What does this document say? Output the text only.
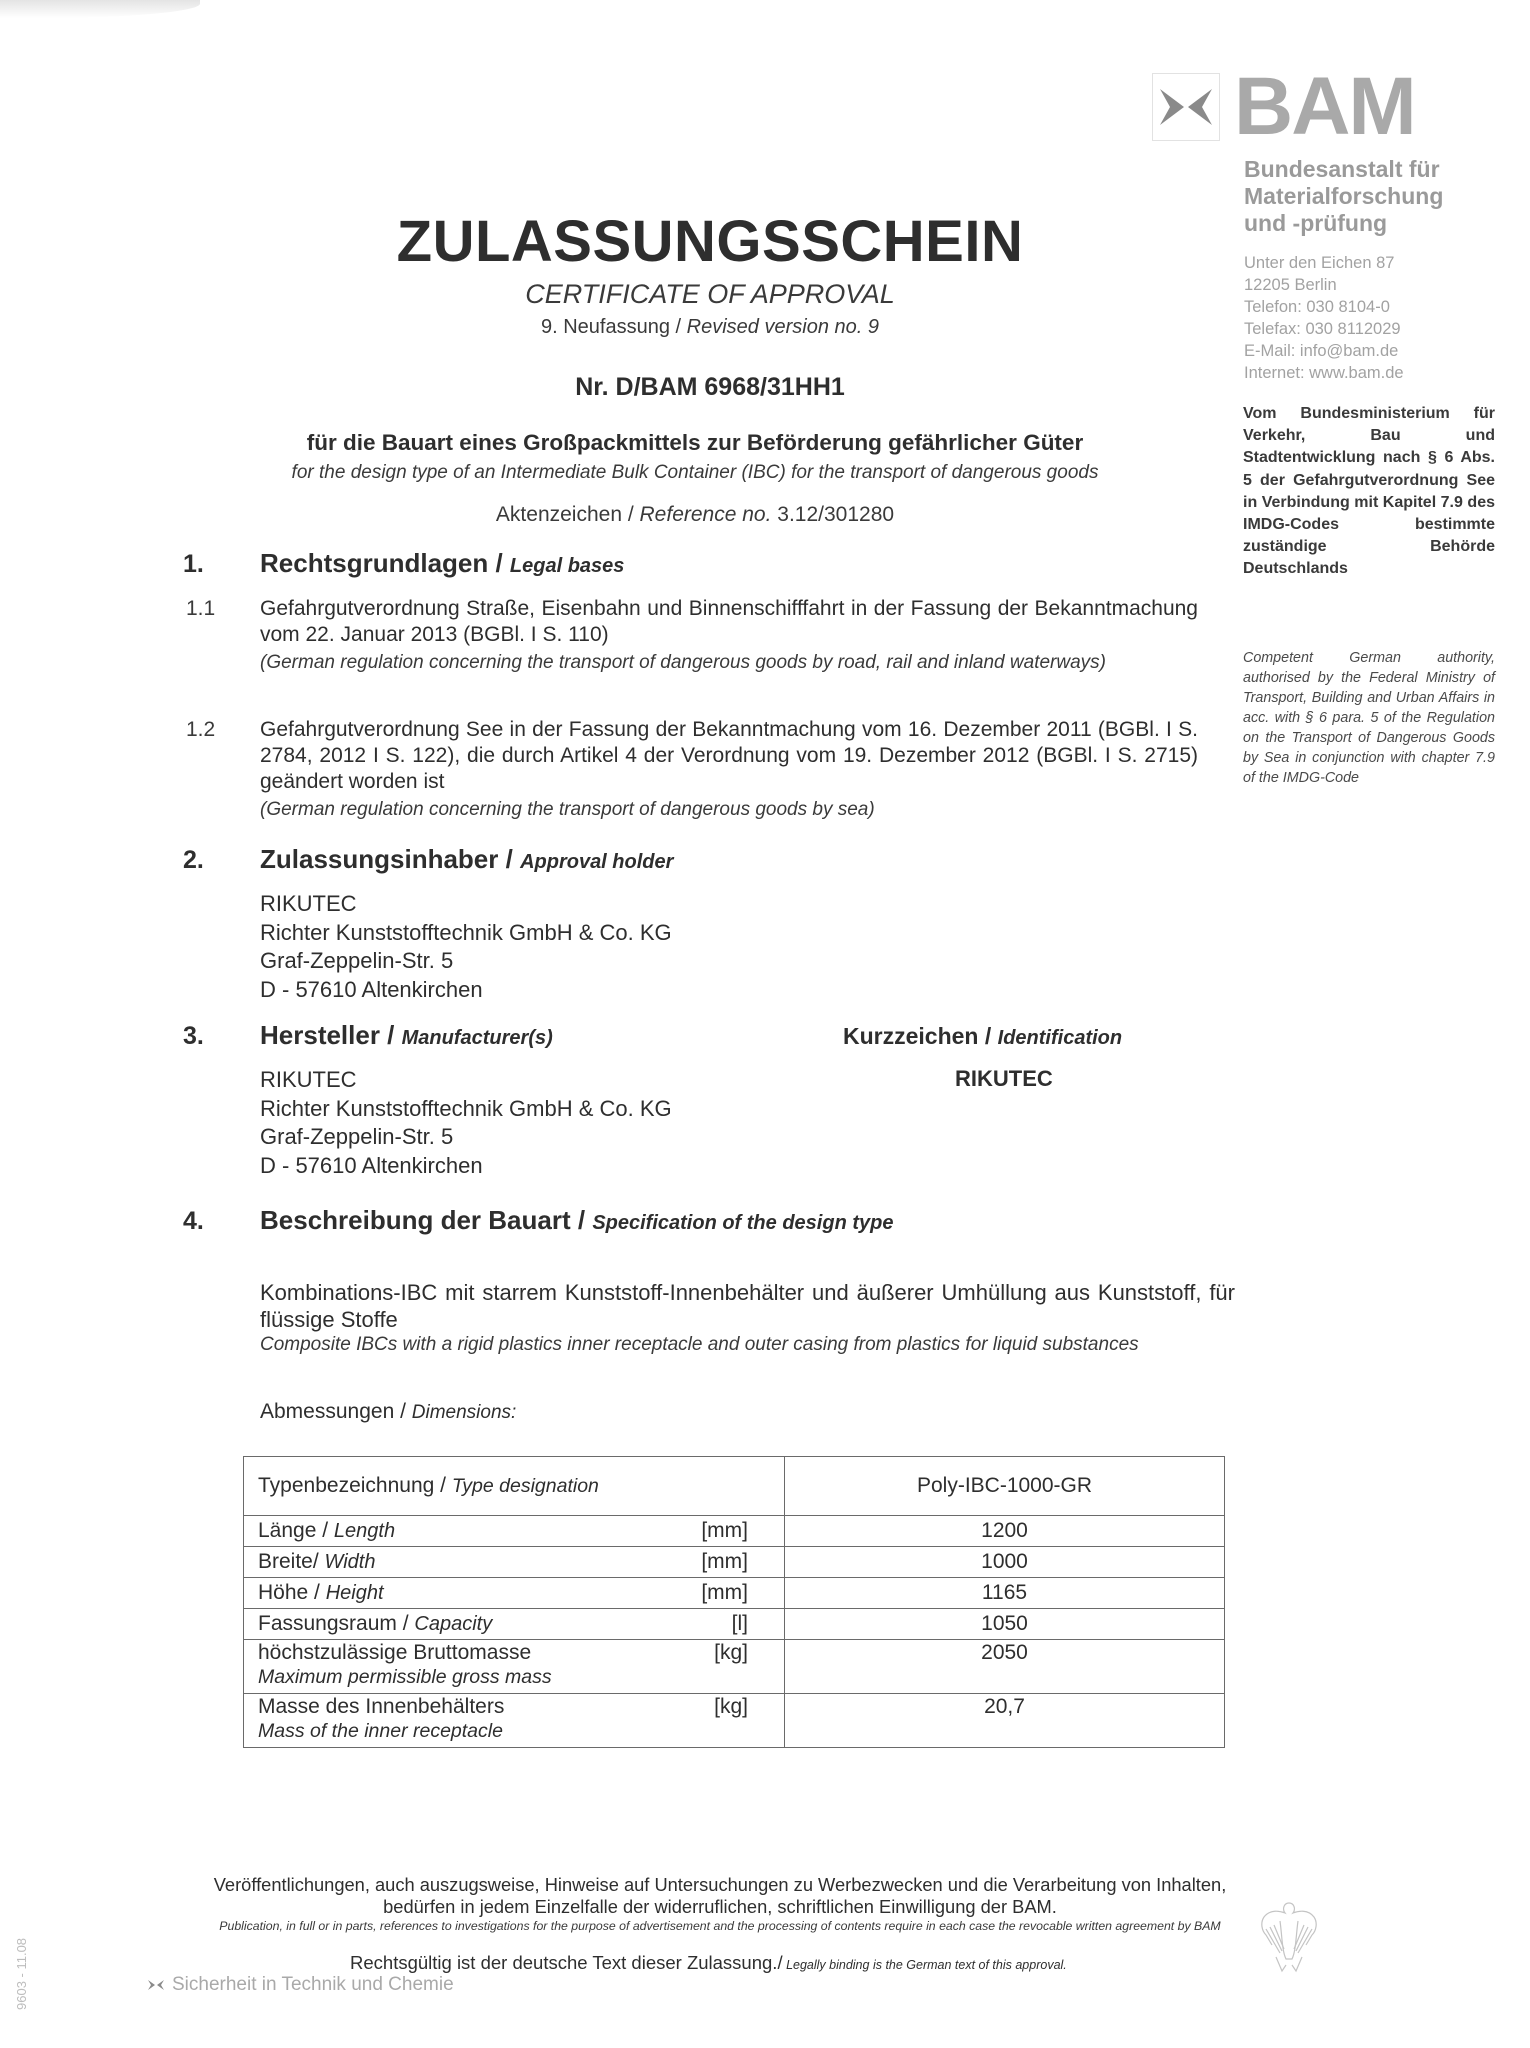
BAM
Bundesanstalt für
Materialforschung
und -prüfung
Unter den Eichen 87
12205 Berlin
Telefon: 030 8104-0
Telefax: 030 8112029
E-Mail: info@bam.de
Internet: www.bam.de
Vom Bundesministerium für Verkehr, Bau und Stadtentwicklung nach § 6 Abs. 5 der Gefahrgutverordnung See in Verbindung mit Kapitel 7.9 des IMDG-Codes bestimmte zuständige Behörde Deutschlands
Competent German authority, authorised by the Federal Ministry of Transport, Building and Urban Affairs in acc. with § 6 para. 5 of the Regulation on the Transport of Dangerous Goods by Sea in conjunction with chapter 7.9 of the IMDG-Code
ZULASSUNGSSCHEIN
CERTIFICATE OF APPROVAL
9. Neufassung / Revised version no. 9
Nr. D/BAM 6968/31HH1
für die Bauart eines Großpackmittels zur Beförderung gefährlicher Güter
for the design type of an Intermediate Bulk Container (IBC) for the transport of dangerous goods
Aktenzeichen / Reference no. 3.12/301280
1. Rechtsgrundlagen / Legal bases
1.1 Gefahrgutverordnung Straße, Eisenbahn und Binnenschifffahrt in der Fassung der Bekanntmachung vom 22. Januar 2013 (BGBl. I S. 110)
(German regulation concerning the transport of dangerous goods by road, rail and inland waterways)
1.2 Gefahrgutverordnung See in der Fassung der Bekanntmachung vom 16. Dezember 2011 (BGBl. I S. 2784, 2012 I S. 122), die durch Artikel 4 der Verordnung vom 19. Dezember 2012 (BGBl. I S. 2715) geändert worden ist
(German regulation concerning the transport of dangerous goods by sea)
2. Zulassungsinhaber / Approval holder
RIKUTEC
Richter Kunststofftechnik GmbH & Co. KG
Graf-Zeppelin-Str. 5
D - 57610 Altenkirchen
3. Hersteller / Manufacturer(s)	Kurzzeichen / Identification
RIKUTEC
RIKUTEC
Richter Kunststofftechnik GmbH & Co. KG
Graf-Zeppelin-Str. 5
D - 57610 Altenkirchen
4. Beschreibung der Bauart / Specification of the design type
Kombinations-IBC mit starrem Kunststoff-Innenbehälter und äußerer Umhüllung aus Kunststoff, für flüssige Stoffe
Composite IBCs with a rigid plastics inner receptacle and outer casing from plastics for liquid substances
Abmessungen / Dimensions:
Typenbezeichnung / Type designation	Poly-IBC-1000-GR
Länge / Length [mm]	1200
Breite/ Width [mm]	1000
Höhe / Height [mm]	1165
Fassungsraum / Capacity [l]	1050
höchstzulässige Bruttomasse [kg]
Maximum permissible gross mass	2050
Masse des Innenbehälters [kg]
Mass of the inner receptacle	20,7
Veröffentlichungen, auch auszugsweise, Hinweise auf Untersuchungen zu Werbezwecken und die Verarbeitung von Inhalten, bedürfen in jedem Einzelfalle der widerruflichen, schriftlichen Einwilligung der BAM.
Publication, in full or in parts, references to investigations for the purpose of advertisement and the processing of contents require in each case the revocable written agreement by BAM
Rechtsgültig ist der deutsche Text dieser Zulassung./ Legally binding is the German text of this approval.
Sicherheit in Technik und Chemie
9603 - 11.08
